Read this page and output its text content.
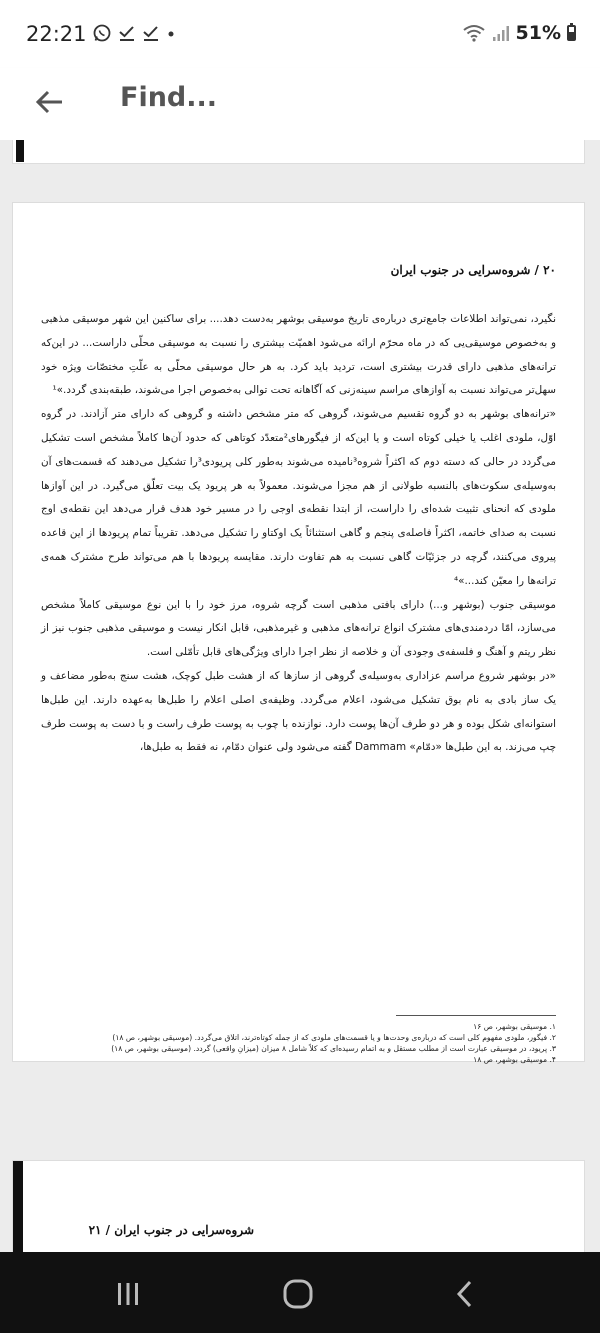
22:21	51%
Find...
۲۰ / شروه‌سرایی در جنوب ایران

نگیرد، نمی‌تواند اطلاعات جامع‌تری درباره‌ی تاریخ موسیقی بوشهر به‌دست دهد.... برای ساکنین این شهر موسیقی مذهبی و به‌خصوص موسیقی‌یی که در ماه محرّم ارائه می‌شود اهمیّت بیشتری را نسبت به موسیقی محلّی داراست... در این‌که ترانه‌های مذهبی دارای قدرت بیشتری است، تردید باید کرد. به هر حال موسیقی محلّی به علّتِ مختصّات ویژه خود سهل‌تر می‌تواند نسبت به آوازهای مراسم سینه‌زنی که آگاهانه تحت توالی به‌خصوص اجرا می‌شوند، طبقه‌بندی گردد.»¹

«ترانه‌های بوشهر به دو گروه تقسیم می‌شوند، گروهی که متر مشخص داشته و گروهی که دارای متر آزادند. در گروه اوّل، ملودی اغلب یا خیلی کوتاه است و یا این‌که از فیگورهای²متعدّد کوتاهی که حدود آن‌ها کاملاً مشخص است تشکیل می‌گردد در حالی که دسته دوم که اکثراً شروه³نامیده می‌شوند به‌طور کلی پریودی³را تشکیل می‌دهند که قسمت‌های آن به‌وسیله‌ی سکوت‌های بالنسبه طولانی از هم مجزا می‌شوند. معمولاً به هر پریود یک بیت تعلّق می‌گیرد. در این آوازها ملودی که انحنای تثبیت شده‌ای را داراست، از ابتدا نقطه‌ی اوجی را در مسیر خود هدف قرار می‌دهد این نقطه‌ی اوج نسبت به صدای خاتمه، اکثراً فاصله‌ی پنجم و گاهی استثنائاً یک اوکتاو را تشکیل می‌دهد. تقریباً تمام پریودها از این قاعده پیروی می‌کنند، گرچه در جزئیّات گاهی نسبت به هم تفاوت دارند. مقایسه پریودها با هم می‌تواند طرح مشترک همه‌ی ترانه‌ها را معیّن کند...»⁴

موسیقی جنوب (بوشهر و...) دارای بافتی مذهبی است گرچه شروه، مرز خود را با این نوع موسیقی کاملاً مشخص می‌سازد، امّا دردمندی‌های مشترک انواع ترانه‌های مذهبی و غیرمذهبی، قابل انکار نیست و موسیقی مذهبی جنوب نیز از نظر ریتم و آهنگ و فلسفه‌ی وجودی آن و خلاصه از نظر اجرا دارای ویژگی‌های قابل تأمّلی است.

«در بوشهر شروع مراسم عزاداری به‌وسیله‌ی گروهی از سازها که از هشت طبل کوچک، هشت سنج به‌طور مضاعف و یک ساز بادی به نام بوق تشکیل می‌شود، اعلام می‌گردد. وظیفه‌ی اصلی اعلام را طبل‌ها به‌عهده دارند. این طبل‌ها استوانه‌ای شکل بوده و هر دو طرف آن‌ها پوست دارد. نوازنده با چوب به پوست طرف راست و با دست به پوست طرف چپ می‌زند. به این طبل‌ها «دمّام» Dammam گفته می‌شود ولی عنوان دمّام، نه فقط به طبل‌ها،

۱. موسیقی بوشهر، ص ۱۶
۲. فیگور، ملودی مفهوم کلی است که درباره‌ی وحدت‌ها و یا قسمت‌های ملودی که از جمله کوتاه‌ترند، اتلاق می‌گردد. (موسیقی بوشهر، ص ۱۸)
۳. پریود، در موسیقی عبارت است از مطلب مستقل و به اتمام رسیده‌ای که کلاً شامل ۸ میزان (میزانِ واقعی) گردد. (موسیقی بوشهر، ص ۱۸)
۴. موسیقی بوشهر، ص ۱۸
شروه‌سرایی در جنوب ایران / ۲۱
